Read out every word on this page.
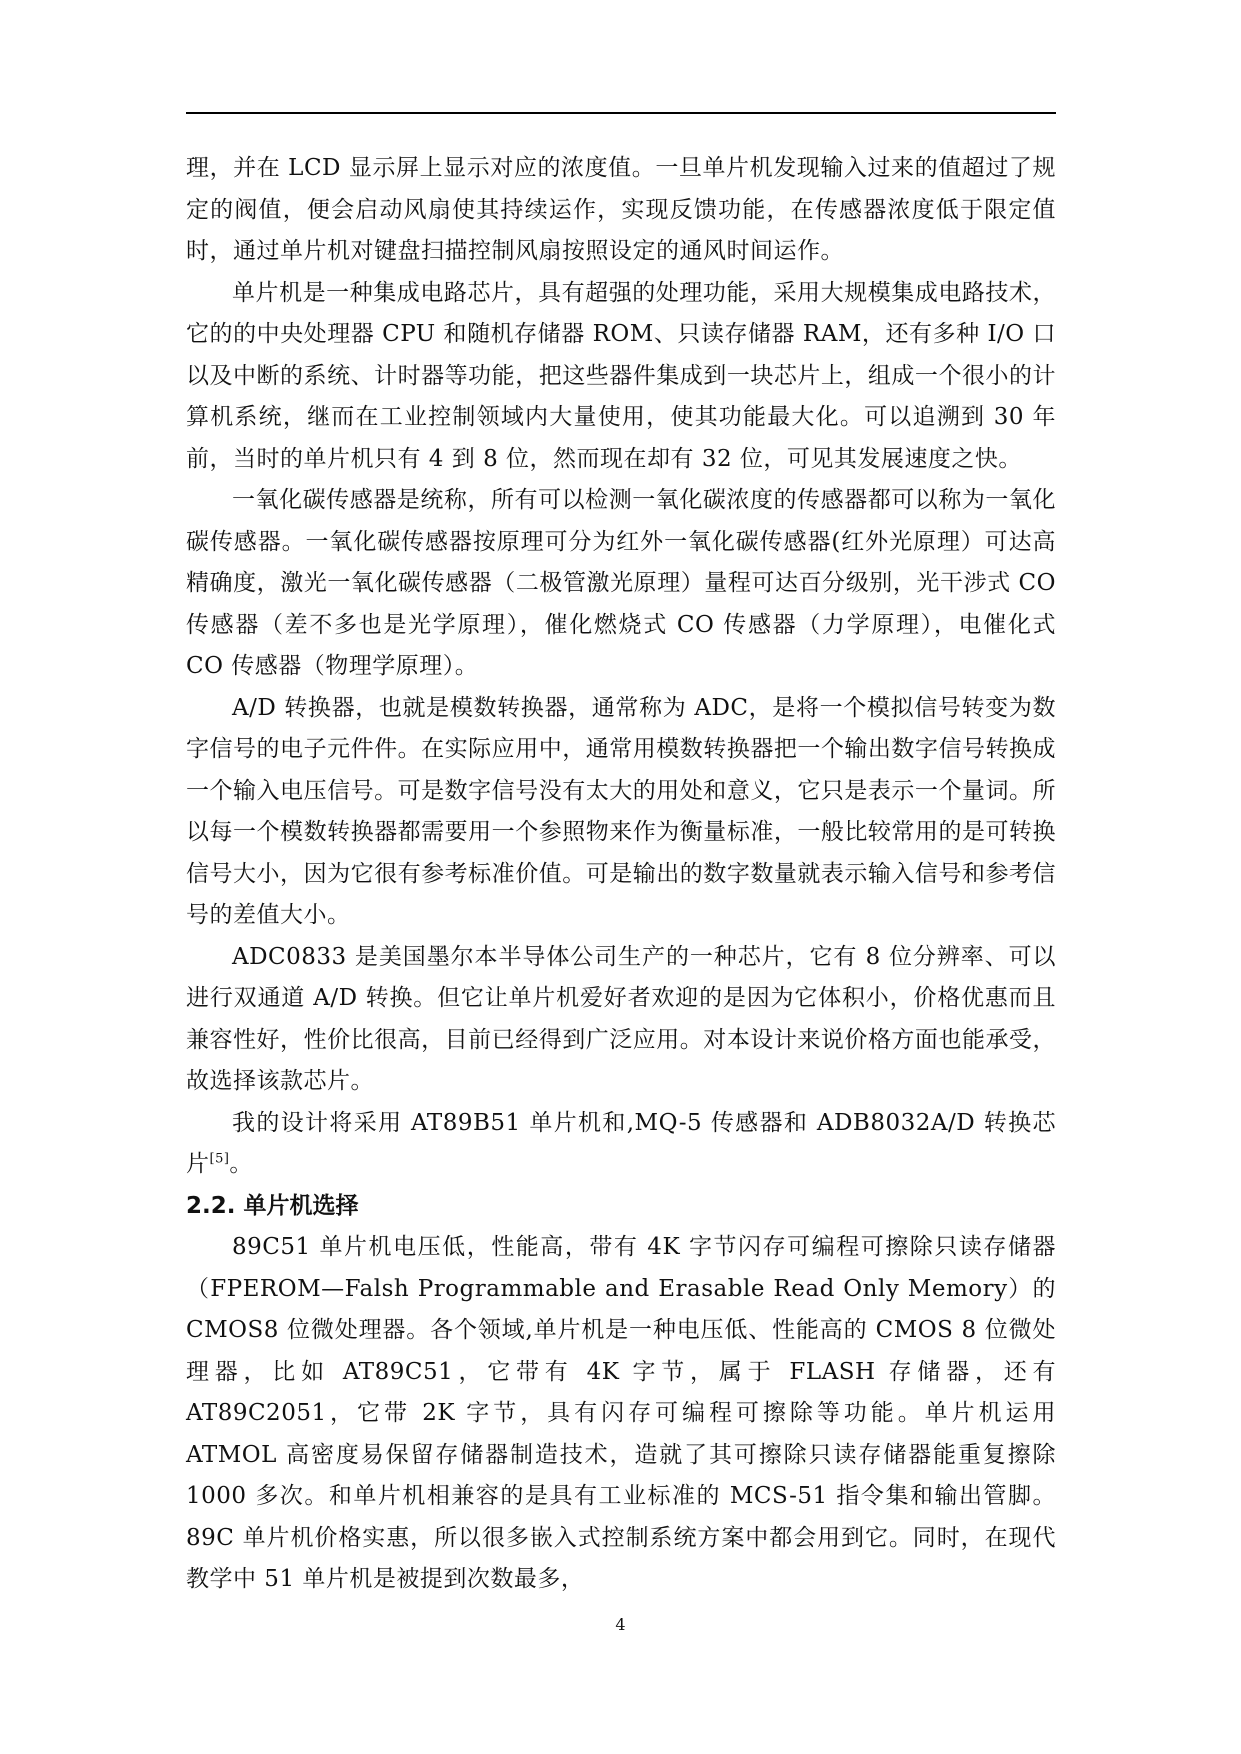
理，并在 LCD 显示屏上显示对应的浓度值。一旦单片机发现输入过来的值超过了规定的阀值，便会启动风扇使其持续运作，实现反馈功能，在传感器浓度低于限定值时，通过单片机对键盘扫描控制风扇按照设定的通风时间运作。

单片机是一种集成电路芯片，具有超强的处理功能，采用大规模集成电路技术，它的的中央处理器 CPU 和随机存储器 ROM、只读存储器 RAM，还有多种 I/O 口以及中断的系统、计时器等功能，把这些器件集成到一块芯片上，组成一个很小的计算机系统，继而在工业控制领域内大量使用，使其功能最大化。可以追溯到 30 年前，当时的单片机只有 4 到 8 位，然而现在却有 32 位，可见其发展速度之快。

一氧化碳传感器是统称，所有可以检测一氧化碳浓度的传感器都可以称为一氧化碳传感器。一氧化碳传感器按原理可分为红外一氧化碳传感器(红外光原理）可达高精确度，激光一氧化碳传感器（二极管激光原理）量程可达百分级别，光干涉式 CO 传感器（差不多也是光学原理），催化燃烧式 CO 传感器（力学原理），电催化式 CO 传感器（物理学原理）。

A/D 转换器，也就是模数转换器，通常称为 ADC，是将一个模拟信号转变为数字信号的电子元件件。在实际应用中，通常用模数转换器把一个输出数字信号转换成一个输入电压信号。可是数字信号没有太大的用处和意义，它只是表示一个量词。所以每一个模数转换器都需要用一个参照物来作为衡量标准，一般比较常用的是可转换信号大小，因为它很有参考标准价值。可是输出的数字数量就表示输入信号和参考信号的差值大小。

ADC0833 是美国墨尔本半导体公司生产的一种芯片，它有 8 位分辨率、可以进行双通道 A/D 转换。但它让单片机爱好者欢迎的是因为它体积小，价格优惠而且兼容性好，性价比很高，目前已经得到广泛应用。对本设计来说价格方面也能承受，故选择该款芯片。

我的设计将采用 AT89B51 单片机和,MQ-5 传感器和 ADB8032A/D 转换芯片[5]。

2.2. 单片机选择

89C51 单片机电压低，性能高，带有 4K 字节闪存可编程可擦除只读存储器（FPEROM—Falsh Programmable and Erasable Read Only Memory）的 CMOS8 位微处理器。各个领域,单片机是一种电压低、性能高的 CMOS 8 位微处理器，比如 AT89C51，它带有 4K 字节，属于 FLASH 存储器，还有 AT89C2051，它带 2K 字节，具有闪存可编程可擦除等功能。单片机运用 ATMOL 高密度易保留存储器制造技术，造就了其可擦除只读存储器能重复擦除 1000 多次。和单片机相兼容的是具有工业标准的 MCS-51 指令集和输出管脚。89C 单片机价格实惠，所以很多嵌入式控制系统方案中都会用到它。同时，在现代教学中 51 单片机是被提到次数最多，

4
